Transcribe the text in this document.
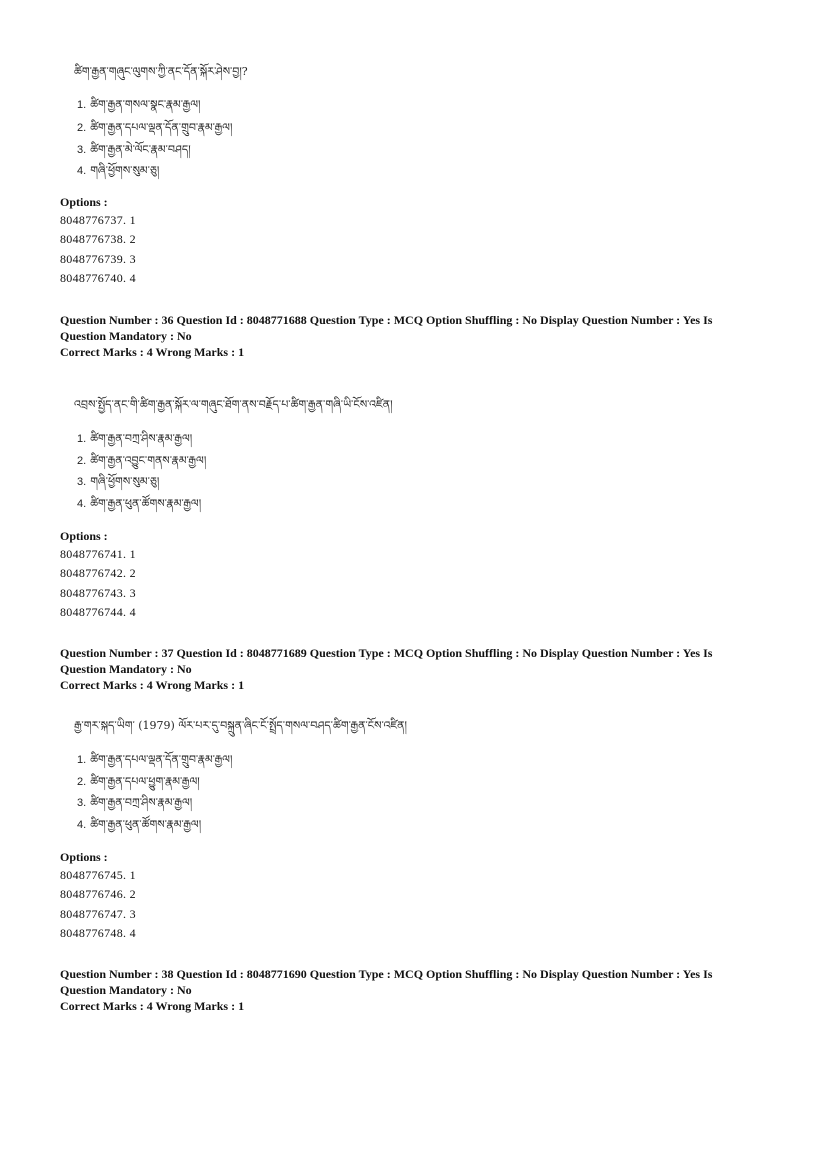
ཚིག་རྒྱན་གཞུང་ལུགས་ཀྱི་ནང་དོན་སྐོར་ཤེས་བྱ།?
1. ཚིག་རྒྱན་གསལ་སྣང་རྣམ་རྒྱལ།
2. ཚིག་རྒྱན་དཔལ་ལྡན་དོན་གྲུབ་རྣམ་རྒྱལ།
3. ཚིག་རྒྱན་མེ་ལོང་རྣམ་བཤད།
4. གཞི་ཕྱོགས་སུམ་ཅུ།
Options :
8048776737. 1
8048776738. 2
8048776739. 3
8048776740. 4
Question Number : 36 Question Id : 8048771688 Question Type : MCQ Option Shuffling : No Display Question Number : Yes Is
Question Mandatory : No
Correct Marks : 4 Wrong Marks : 1
འབྲས་སྤྱོད་ནང་གི་ཚིག་རྒྱན་སྐོར་ལ་གཞུང་ཐོག་ནས་བརྗོད་པ་ཚིག་རྒྱན་གཞི་ཡི་ངོས་འཛིན།
1. ཚིག་རྒྱན་བཀྲ་ཤིས་རྣམ་རྒྱལ།
2. ཚིག་རྒྱན་འབྱུང་གནས་རྣམ་རྒྱལ།
3. གཞི་ཕྱོགས་སུམ་ཅུ།
4. ཚིག་རྒྱན་ཕུན་ཚོགས་རྣམ་རྒྱལ།
Options :
8048776741. 1
8048776742. 2
8048776743. 3
8048776744. 4
Question Number : 37 Question Id : 8048771689 Question Type : MCQ Option Shuffling : No Display Question Number : Yes Is
Question Mandatory : No
Correct Marks : 4 Wrong Marks : 1
རྒྱ་གར་སྐད་ཡིག་ (1979) ལོར་པར་དུ་བསྐྲུན་ཞིང་ངོ་སྤྲོད་གསལ་བཤད་ཚིག་རྒྱན་ངོས་འཛིན།
1. ཚིག་རྒྱན་དཔལ་ལྡན་དོན་གྲུབ་རྣམ་རྒྱལ།
2. ཚིག་རྒྱན་དཔལ་ཕྱུག་རྣམ་རྒྱལ།
3. ཚིག་རྒྱན་བཀྲ་ཤིས་རྣམ་རྒྱལ།
4. ཚིག་རྒྱན་ཕུན་ཚོགས་རྣམ་རྒྱལ།
Options :
8048776745. 1
8048776746. 2
8048776747. 3
8048776748. 4
Question Number : 38 Question Id : 8048771690 Question Type : MCQ Option Shuffling : No Display Question Number : Yes Is
Question Mandatory : No
Correct Marks : 4 Wrong Marks : 1
